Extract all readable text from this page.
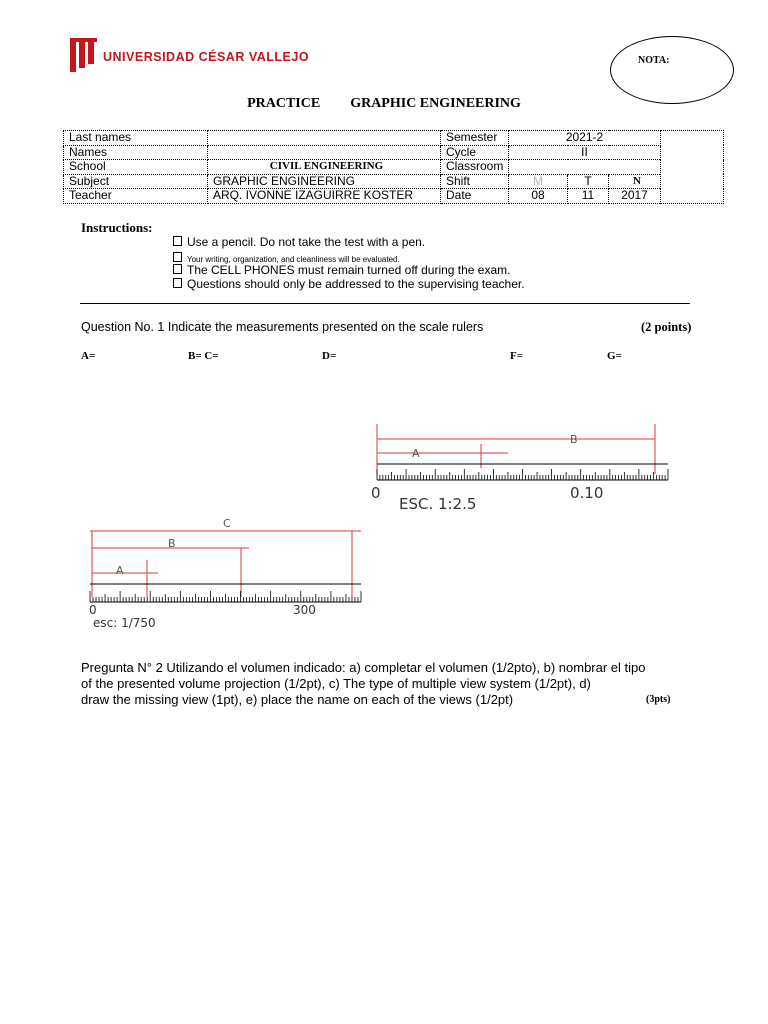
UNIVERSIDAD CÉSAR VALLEJO	NOTA:
PRACTICE GRAPHIC ENGINEERING
Last names		Semester	2021-2			
Names		Cycle	II			
School	CIVIL ENGINEERING	Classroom				
Subject	GRAPHIC ENGINEERING	Shift	M	T	N	
Teacher	ARQ. IVONNE IZAGUIRRE KOSTER	Date	08	11	2017	
Instructions:
Use a pencil. Do not take the test with a pen.
Your writing, organization, and cleanliness will be evaluated.
The CELL PHONES must remain turned off during the exam.
Questions should only be addressed to the supervising teacher.
Question No. 1 Indicate the measurements presented on the scale rulers	(2 points)
A=	B= C=	D=	F=	G=
B
A
0	0.10
ESC. 1:2.5
C
B
A
0	300
esc: 1/750
Pregunta N° 2 Utilizando el volumen indicado: a) completar el volumen (1/2pto), b) nombrar el tipo
of the presented volume projection (1/2pt), c) The type of multiple view system (1/2pt), d)
draw the missing view (1pt), e) place the name on each of the views (1/2pt)	(3pts)
